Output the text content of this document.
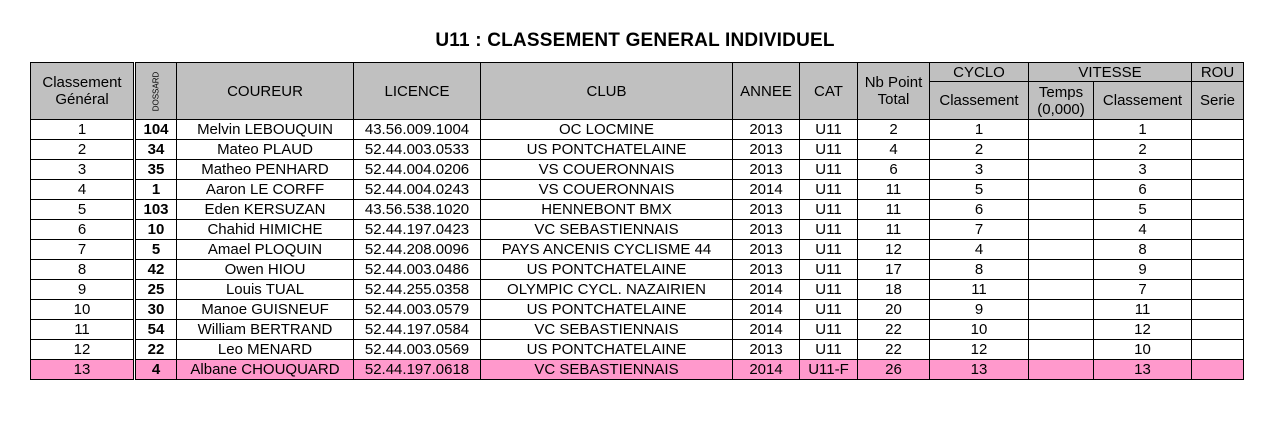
U11 : CLASSEMENT GENERAL INDIVIDUEL
Classement Général	DOSSARD	COUREUR	LICENCE	CLUB	ANNEE	CAT	Nb Point Total	CYCLO	VITESSE		ROU
								Classement	Temps (0,000)	Classement	Serie
1	104	Melvin LEBOUQUIN	43.56.009.1004	OC LOCMINE	2013	U11	2	1		1	
2	34	Mateo PLAUD	52.44.003.0533	US PONTCHATELAINE	2013	U11	4	2		2	
3	35	Matheo PENHARD	52.44.004.0206	VS COUERONNAIS	2013	U11	6	3		3	
4	1	Aaron LE CORFF	52.44.004.0243	VS COUERONNAIS	2014	U11	11	5		6	
5	103	Eden KERSUZAN	43.56.538.1020	HENNEBONT BMX	2013	U11	11	6		5	
6	10	Chahid HIMICHE	52.44.197.0423	VC SEBASTIENNAIS	2013	U11	11	7		4	
7	5	Amael PLOQUIN	52.44.208.0096	PAYS ANCENIS CYCLISME 44	2013	U11	12	4		8	
8	42	Owen HIOU	52.44.003.0486	US PONTCHATELAINE	2013	U11	17	8		9	
9	25	Louis TUAL	52.44.255.0358	OLYMPIC CYCL. NAZAIRIEN	2014	U11	18	11		7	
10	30	Manoe GUISNEUF	52.44.003.0579	US PONTCHATELAINE	2014	U11	20	9		11	
11	54	William BERTRAND	52.44.197.0584	VC SEBASTIENNAIS	2014	U11	22	10		12	
12	22	Leo MENARD	52.44.003.0569	US PONTCHATELAINE	2013	U11	22	12		10	
13	4	Albane CHOUQUARD	52.44.197.0618	VC SEBASTIENNAIS	2014	U11-F	26	13		13	
